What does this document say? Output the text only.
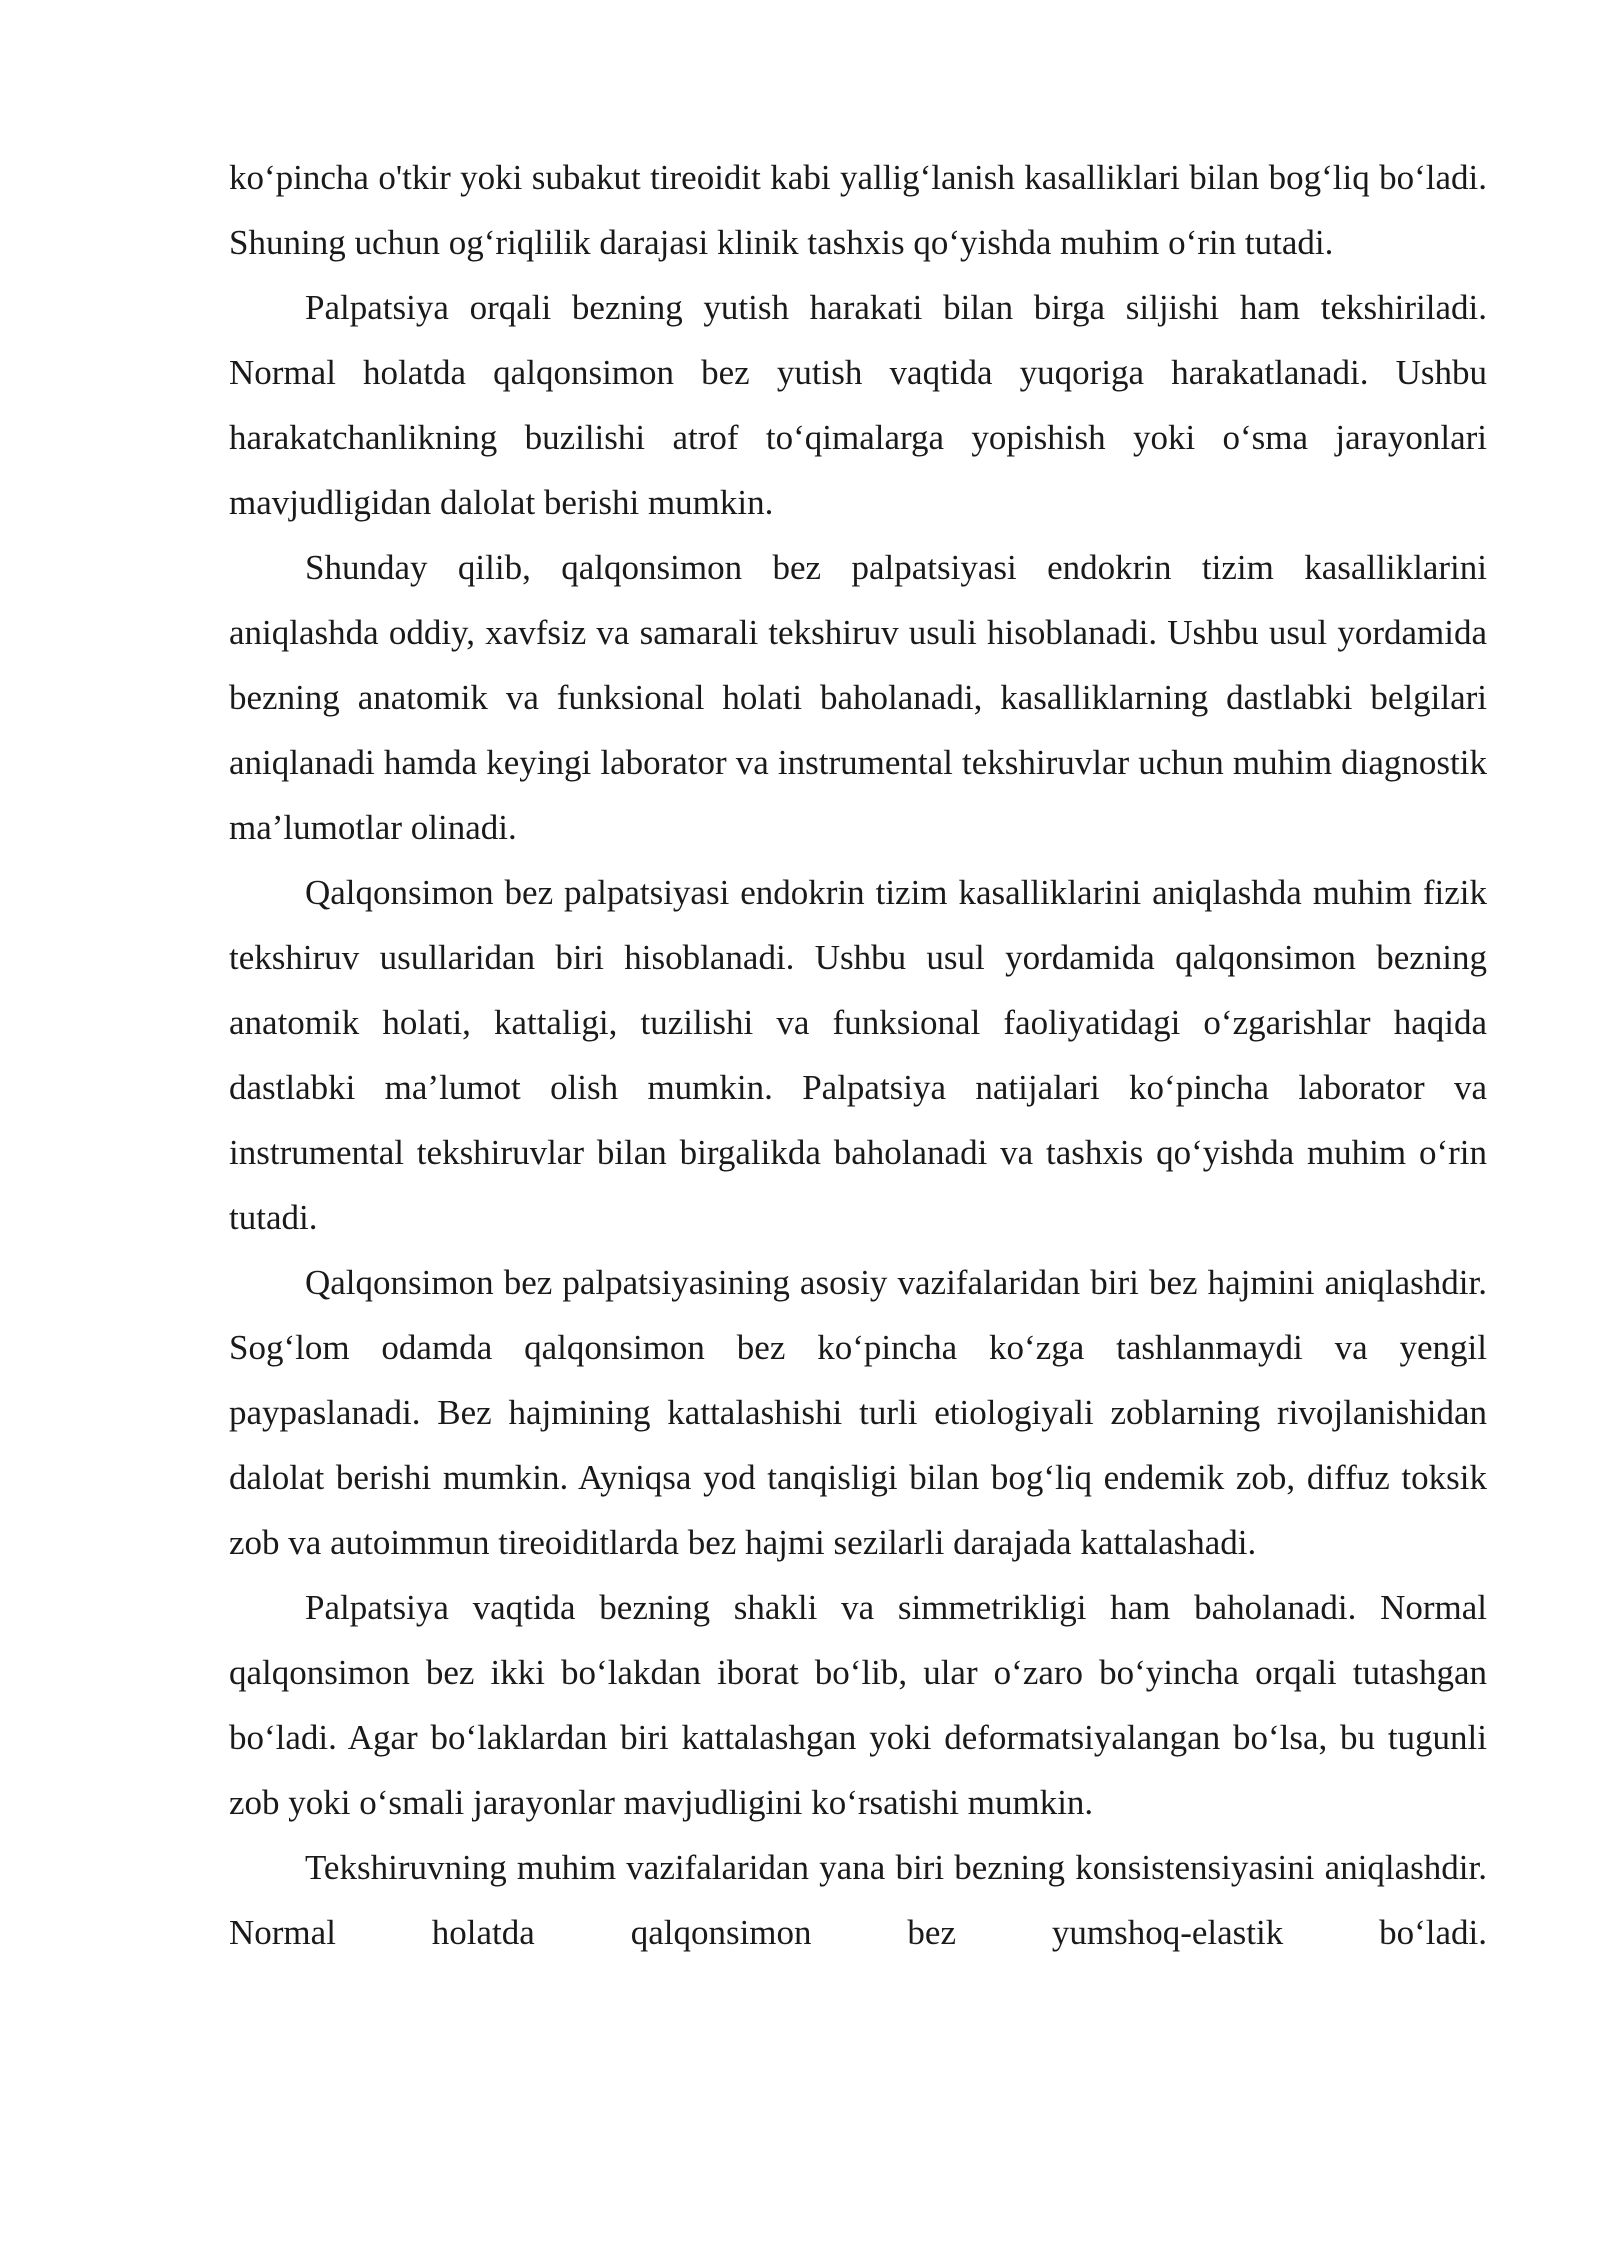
ko‘pincha o'tkir yoki subakut tireoidit kabi yallig‘lanish kasalliklari bilan bog‘liq bo‘ladi. Shuning uchun og‘riqlilik darajasi klinik tashxis qo‘yishda muhim o‘rin tutadi.

Palpatsiya orqali bezning yutish harakati bilan birga siljishi ham tekshiriladi. Normal holatda qalqonsimon bez yutish vaqtida yuqoriga harakatlanadi. Ushbu harakatchanlikning buzilishi atrof to‘qimalarga yopishish yoki o‘sma jarayonlari mavjudligidan dalolat berishi mumkin.

Shunday qilib, qalqonsimon bez palpatsiyasi endokrin tizim kasalliklarini aniqlashda oddiy, xavfsiz va samarali tekshiruv usuli hisoblanadi. Ushbu usul yordamida bezning anatomik va funksional holati baholanadi, kasalliklarning dastlabki belgilari aniqlanadi hamda keyingi laborator va instrumental tekshiruvlar uchun muhim diagnostik ma’lumotlar olinadi.

Qalqonsimon bez palpatsiyasi endokrin tizim kasalliklarini aniqlashda muhim fizik tekshiruv usullaridan biri hisoblanadi. Ushbu usul yordamida qalqonsimon bezning anatomik holati, kattaligi, tuzilishi va funksional faoliyatidagi o‘zgarishlar haqida dastlabki ma’lumot olish mumkin. Palpatsiya natijalari ko‘pincha laborator va instrumental tekshiruvlar bilan birgalikda baholanadi va tashxis qo‘yishda muhim o‘rin tutadi.

Qalqonsimon bez palpatsiyasining asosiy vazifalaridan biri bez hajmini aniqlashdir. Sog‘lom odamda qalqonsimon bez ko‘pincha ko‘zga tashlanmaydi va yengil paypaslanadi. Bez hajmining kattalashishi turli etiologiyali zoblarning rivojlanishidan dalolat berishi mumkin. Ayniqsa yod tanqisligi bilan bog‘liq endemik zob, diffuz toksik zob va autoimmun tireoiditlarda bez hajmi sezilarli darajada kattalashadi.

Palpatsiya vaqtida bezning shakli va simmetrikligi ham baholanadi. Normal qalqonsimon bez ikki bo‘lakdan iborat bo‘lib, ular o‘zaro bo‘yincha orqali tutashgan bo‘ladi. Agar bo‘laklardan biri kattalashgan yoki deformatsiyalangan bo‘lsa, bu tugunli zob yoki o‘smali jarayonlar mavjudligini ko‘rsatishi mumkin.

Tekshiruvning muhim vazifalaridan yana biri bezning konsistensiyasini aniqlashdir. Normal holatda qalqonsimon bez yumshoq-elastik bo‘ladi.
